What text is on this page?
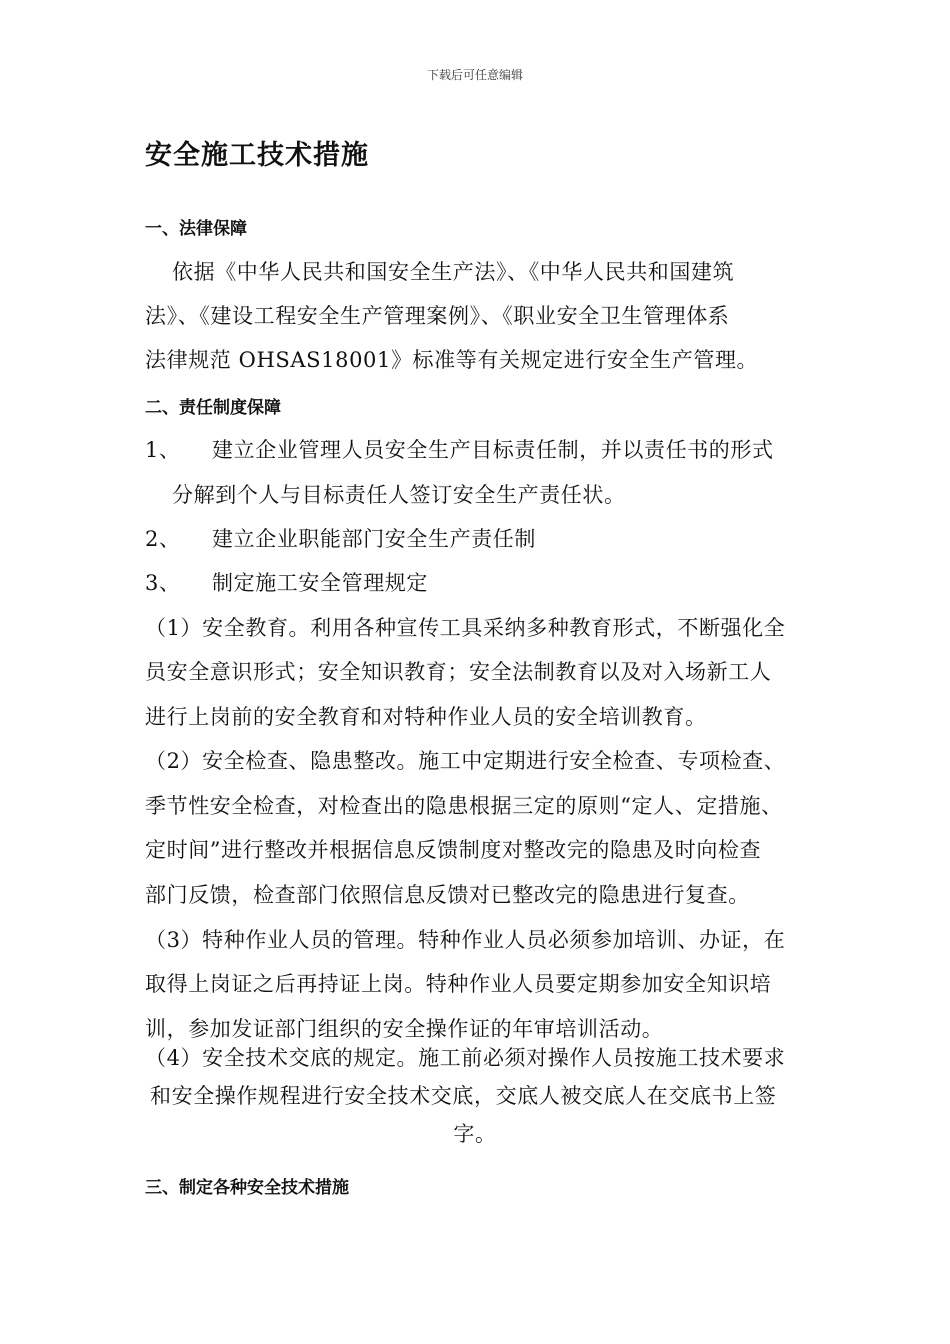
下载后可任意编辑
安全施工技术措施
一、法律保障
依据《中华人民共和国安全生产法》、《中华人民共和国建筑
法》、《建设工程安全生产管理案例》、《职业安全卫生管理体系
法律规范 OHSAS18001》标准等有关规定进行安全生产管理。
二、责任制度保障
1、 建立企业管理人员安全生产目标责任制，并以责任书的形式
分解到个人与目标责任人签订安全生产责任状。
2、 建立企业职能部门安全生产责任制
3、 制定施工安全管理规定
（1）安全教育。利用各种宣传工具采纳多种教育形式，不断强化全
员安全意识形式；安全知识教育；安全法制教育以及对入场新工人
进行上岗前的安全教育和对特种作业人员的安全培训教育。
（2）安全检查、隐患整改。施工中定期进行安全检查、专项检查、
季节性安全检查，对检查出的隐患根据三定的原则“定人、定措施、
定时间”进行整改并根据信息反馈制度对整改完的隐患及时向检查
部门反馈，检查部门依照信息反馈对已整改完的隐患进行复查。
（3）特种作业人员的管理。特种作业人员必须参加培训、办证，在
取得上岗证之后再持证上岗。特种作业人员要定期参加安全知识培
训，参加发证部门组织的安全操作证的年审培训活动。
（4）安全技术交底的规定。施工前必须对操作人员按施工技术要求
和安全操作规程进行安全技术交底，交底人被交底人在交底书上签
字。
三、制定各种安全技术措施
